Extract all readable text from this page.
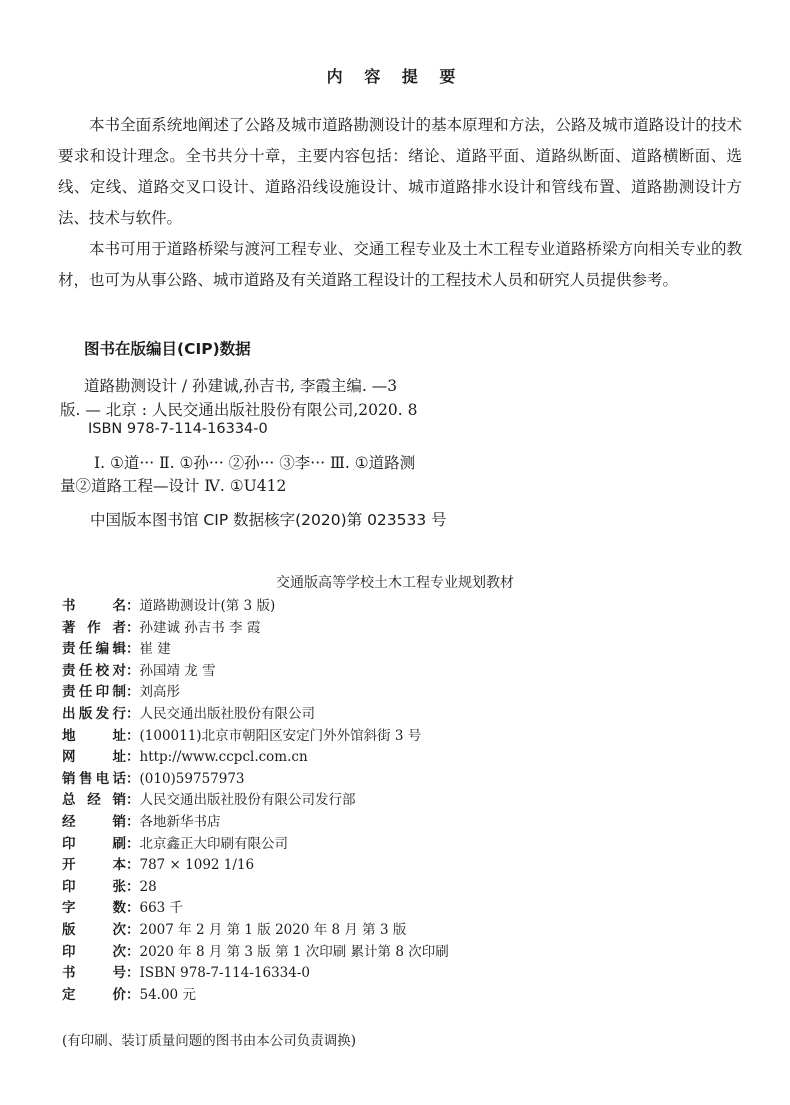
内 容 提 要

本书全面系统地阐述了公路及城市道路勘测设计的基本原理和方法，公路及城市道路设计的技术要求和设计理念。全书共分十章，主要内容包括：绪论、道路平面、道路纵断面、道路横断面、选线、定线、道路交叉口设计、道路沿线设施设计、城市道路排水设计和管线布置、道路勘测设计方法、技术与软件。

本书可用于道路桥梁与渡河工程专业、交通工程专业及土木工程专业道路桥梁方向相关专业的教材，也可为从事公路、城市道路及有关道路工程设计的工程技术人员和研究人员提供参考。

图书在版编目(CIP)数据
道路勘测设计 / 孙建诚,孙吉书, 李霞主编. —3
版. — 北京 : 人民交通出版社股份有限公司,2020. 8
ISBN 978-7-114-16334-0
Ⅰ. ①道··· Ⅱ. ①孙··· ②孙··· ③李··· Ⅲ. ①道路测
量②道路工程—设计 Ⅳ. ①U412
中国版本图书馆 CIP 数据核字(2020)第 023533 号
交通版高等学校土木工程专业规划教材
书名：道路勘测设计(第 3 版)
著作者：孙建诚 孙吉书 李 霞
责任编辑：崔 建
责任校对：孙国靖 龙 雪
责任印制：刘高彤
出版发行：人民交通出版社股份有限公司
地址：(100011)北京市朝阳区安定门外外馆斜街 3 号
网址：http://www.ccpcl.com.cn
销售电话：(010)59757973
总经销：人民交通出版社股份有限公司发行部
经销：各地新华书店
印刷：北京鑫正大印刷有限公司
开本：787 × 1092 1/16
印张：28
字数：663 千
版次：2007 年 2 月 第 1 版 2020 年 8 月 第 3 版
印次：2020 年 8 月 第 3 版 第 1 次印刷 累计第 8 次印刷
书号：ISBN 978-7-114-16334-0
定价：54.00 元
(有印刷、装订质量问题的图书由本公司负责调换)
